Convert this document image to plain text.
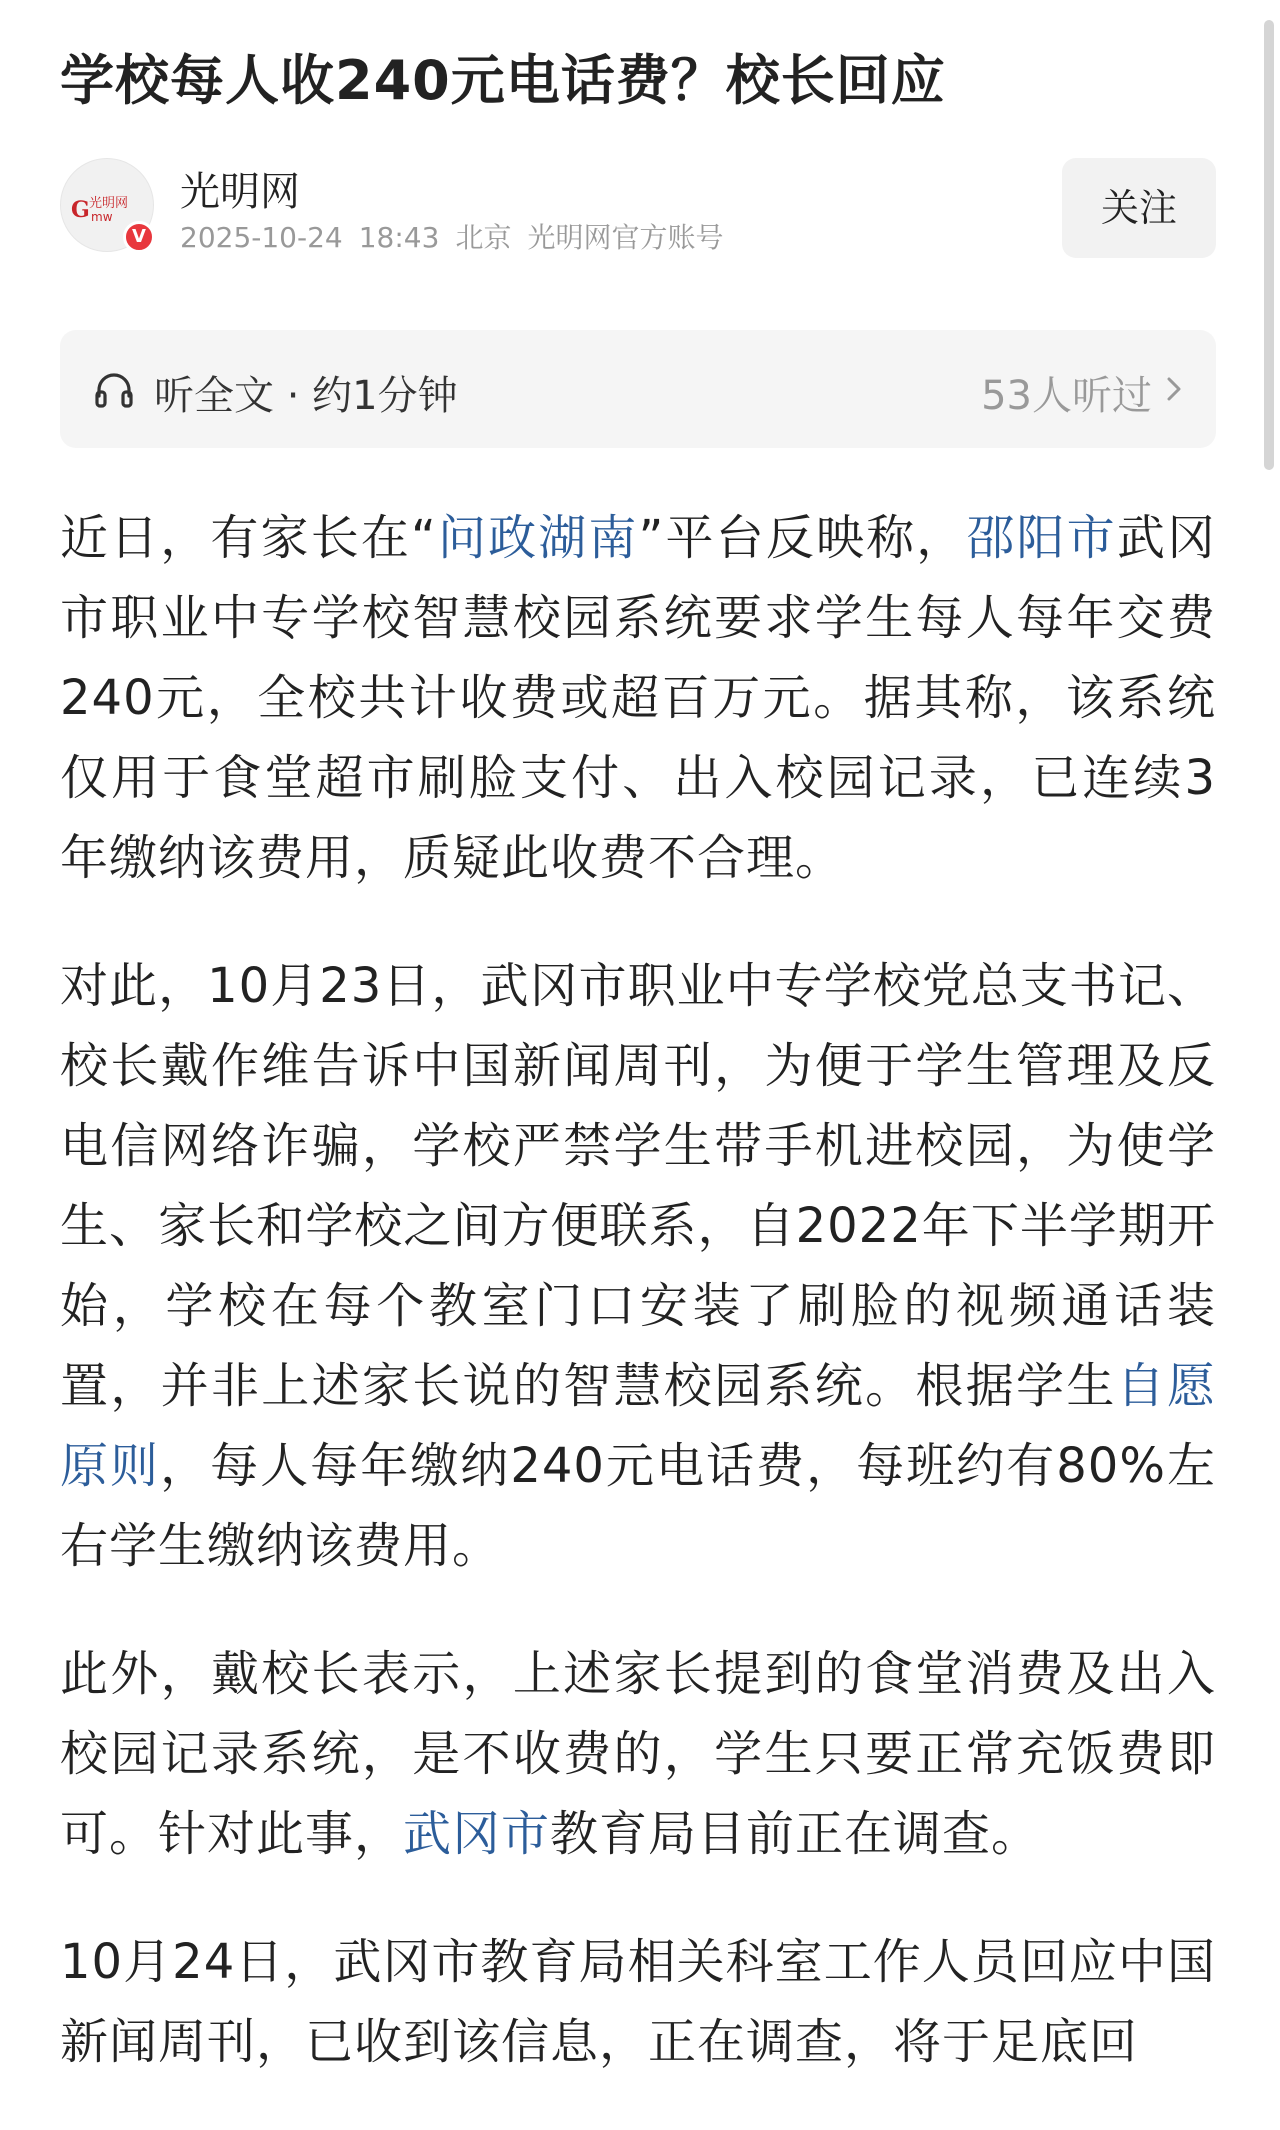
学校每人收240元电话费？校长回应
G 光明网
mw
V
光明网
2025-10-24 18:43 北京 光明网官方账号
关注
听全文 · 约1分钟	53人听过

近日，有家长在“问政湖南”平台反映称，邵阳市武冈市职业中专学校智慧校园系统要求学生每人每年交费240元，全校共计收费或超百万元。据其称，该系统仅用于食堂超市刷脸支付、出入校园记录，已连续3年缴纳该费用，质疑此收费不合理。

对此，10月23日，武冈市职业中专学校党总支书记、校长戴作维告诉中国新闻周刊，为便于学生管理及反电信网络诈骗，学校严禁学生带手机进校园，为使学生、家长和学校之间方便联系，自2022年下半学期开始，学校在每个教室门口安装了刷脸的视频通话装置，并非上述家长说的智慧校园系统。根据学生自愿原则，每人每年缴纳240元电话费，每班约有80%左右学生缴纳该费用。

此外，戴校长表示，上述家长提到的食堂消费及出入校园记录系统，是不收费的，学生只要正常充饭费即可。针对此事，武冈市教育局目前正在调查。

10月24日，武冈市教育局相关科室工作人员回应中国新闻周刊，已收到该信息，正在调查，将于足底回
